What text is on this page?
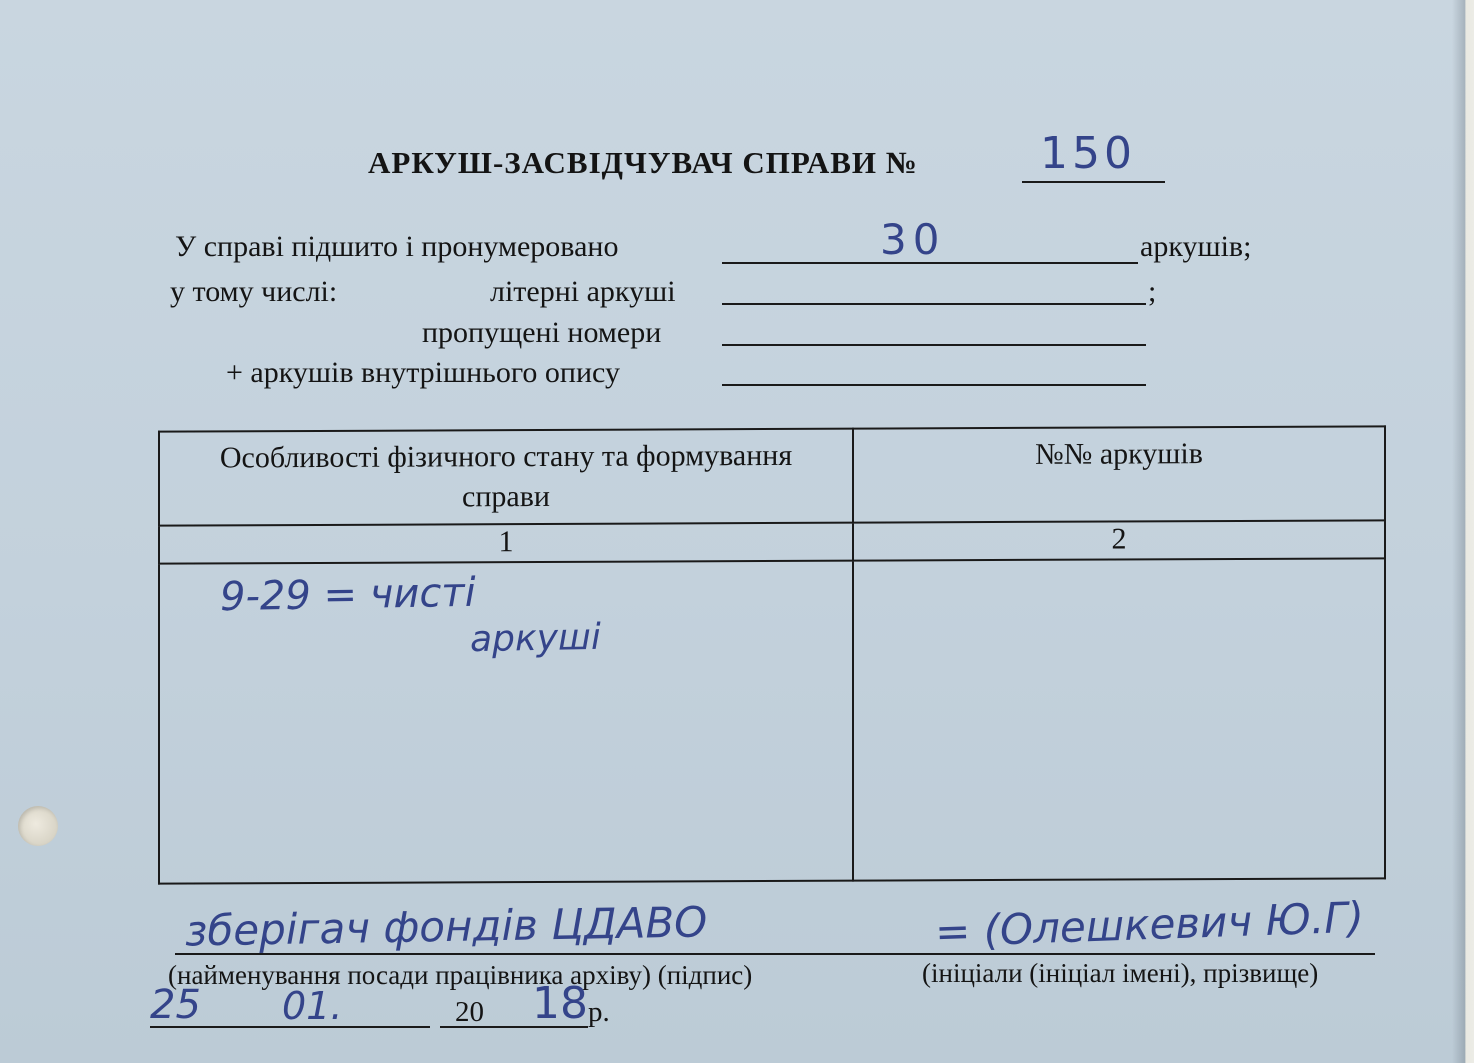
АРКУШ-ЗАСВІДЧУВАЧ СПРАВИ №	150
У справі підшито і пронумеровано	30	аркушів;
у тому числі:	літерні аркуші	;
пропущені номери
+ аркушів внутрішнього опису
Особливості фізичного стану та формування справи	№№ аркушів
1	2

9-29 = чисті
аркуші
зберігач фондів ЦДАВО	= (Олешкевич Ю.Г)
(найменування посади працівника архіву) (підпис)	(ініціали (ініціал імені), прізвище)
25 01.	20 18 р.
